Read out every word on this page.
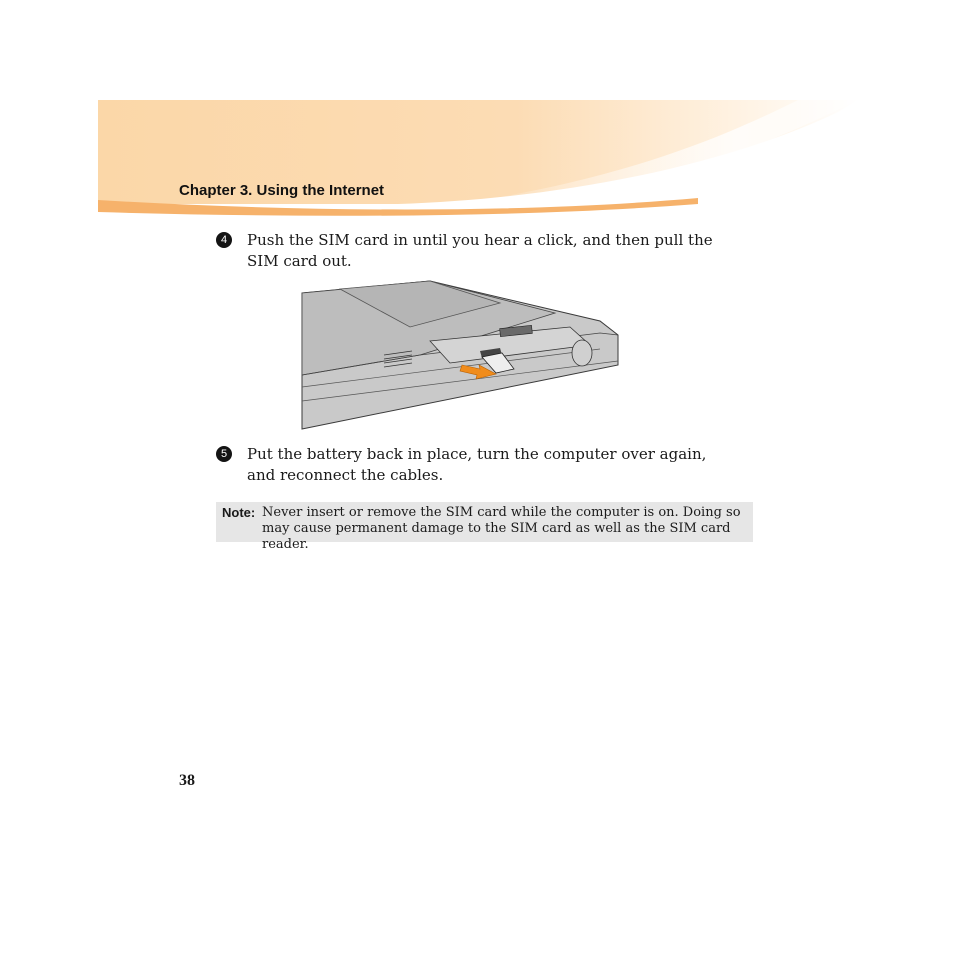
Chapter 3. Using the Internet
4	Push the SIM card in until you hear a click, and then pull the SIM card out.
5	Put the battery back in place, turn the computer over again, and reconnect the cables.
Note: Never insert or remove the SIM card while the computer is on. Doing so may cause permanent damage to the SIM card as well as the SIM card reader.
38
